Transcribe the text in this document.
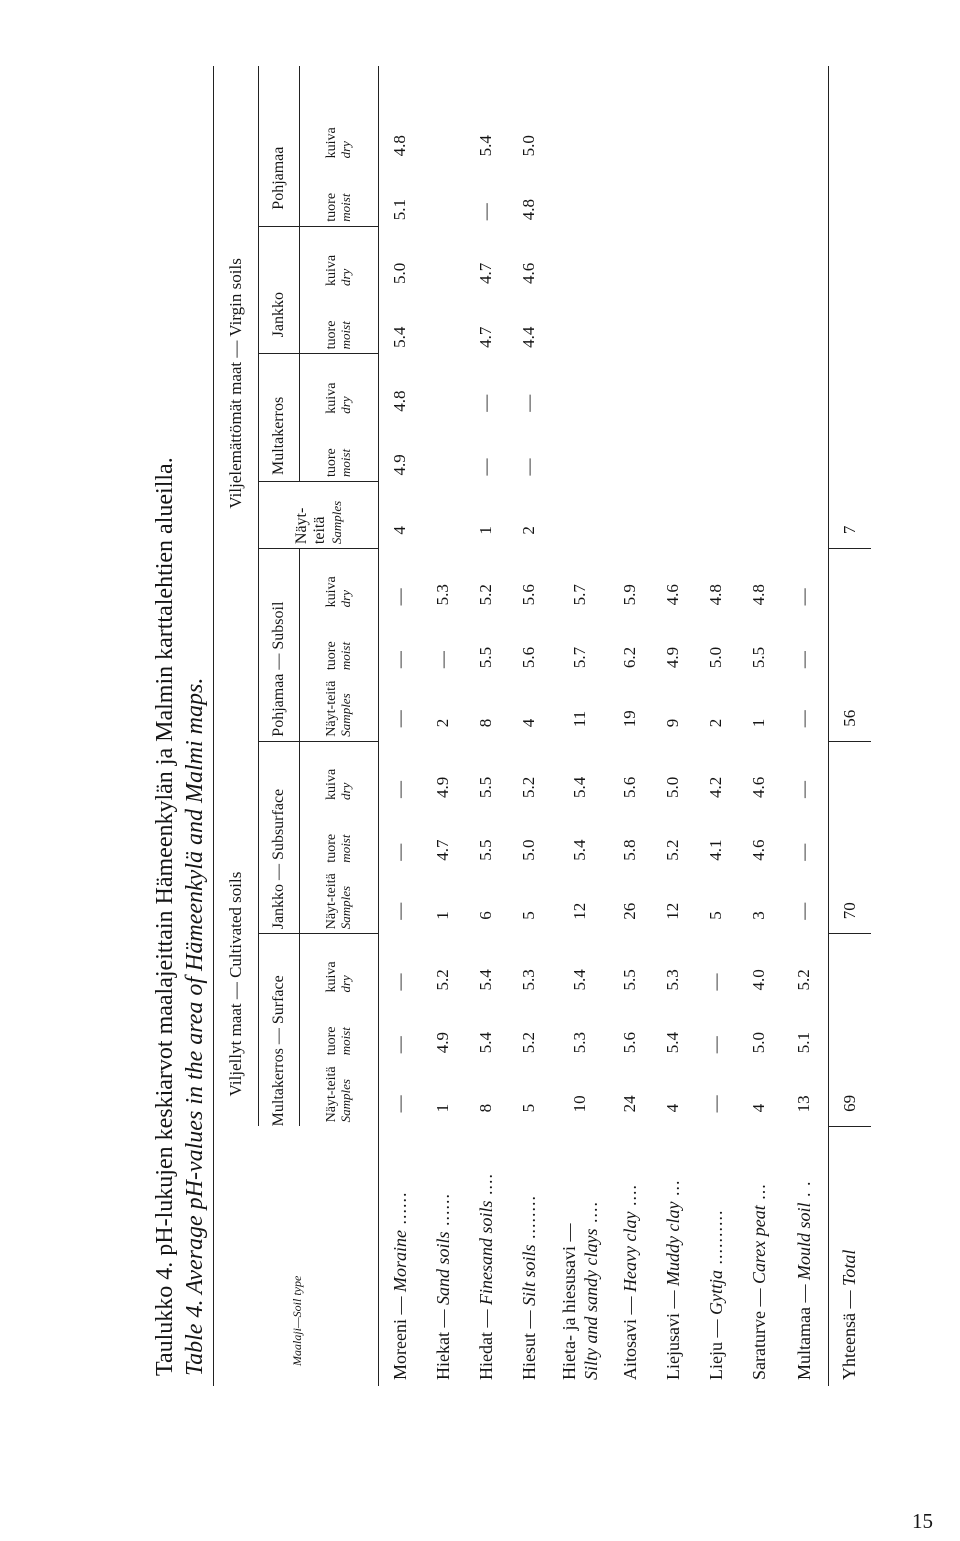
Taulukko 4. pH-lukujen keskiarvot maalajeittain Hämeenkylän ja Malmin karttalehtien alueilla. Table 4. Average pH-values in the area of Hämeenkylä and Malmi maps.	Maalaji—Soil type	Viljellyt maat — Cultivated soils									Viljelemättömät maat — Virgin soils						
	Multakerros — Surface			Jankko — Subsurface			Pohjamaa — Subsoil			Näyt-teitä Samples	Multakerros		Jankko		Pohjamaa	
	Näyt-teitä Samples	tuore moist	kuiva dry	Näyt-teitä Samples	tuore moist	kuiva dry	Näyt-teitä Samples	tuore moist	kuiva dry		tuore moist	kuiva dry	tuore moist	kuiva dry	tuore moist	kuiva dry

Moreeni — Moraine ......	—	—	—	—	—	—	—	—	—	4	4.9	4.8	5.4	5.0	5.1	4.8
Hiekat — Sand soils ......	1	4.9	5.2	1	4.7	4.9	2	—	5.3							
Hiedat — Finesand soils ....	8	5.4	5.4	6	5.5	5.5	8	5.5	5.2	1	—	—	4.7	4.7	—	5.4
Hiesut — Silt soils ........	5	5.2	5.3	5	5.0	5.2	4	5.6	5.6	2	—	—	4.4	4.6	4.8	5.0
Hieta- ja hiesusavi — Silty and sandy clays ....	10	5.3	5.4	12	5.4	5.4	11	5.7	5.7							
Aitosavi — Heavy clay ....	24	5.6	5.5	26	5.8	5.6	19	6.2	5.9							
Liejusavi — Muddy clay ...	4	5.4	5.3	12	5.2	5.0	9	4.9	4.6							
Lieju — Gyttja ..........	—	—	—	5	4.1	4.2	2	5.0	4.8							
Saraturve — Carex peat ...	4	5.0	4.0	3	4.6	4.6	1	5.5	4.8							
Multamaa — Mould soil . .	13	5.1	5.2	—	—	—	—	—	—							
Yhteensä — Total	69			70			56			7						
15
